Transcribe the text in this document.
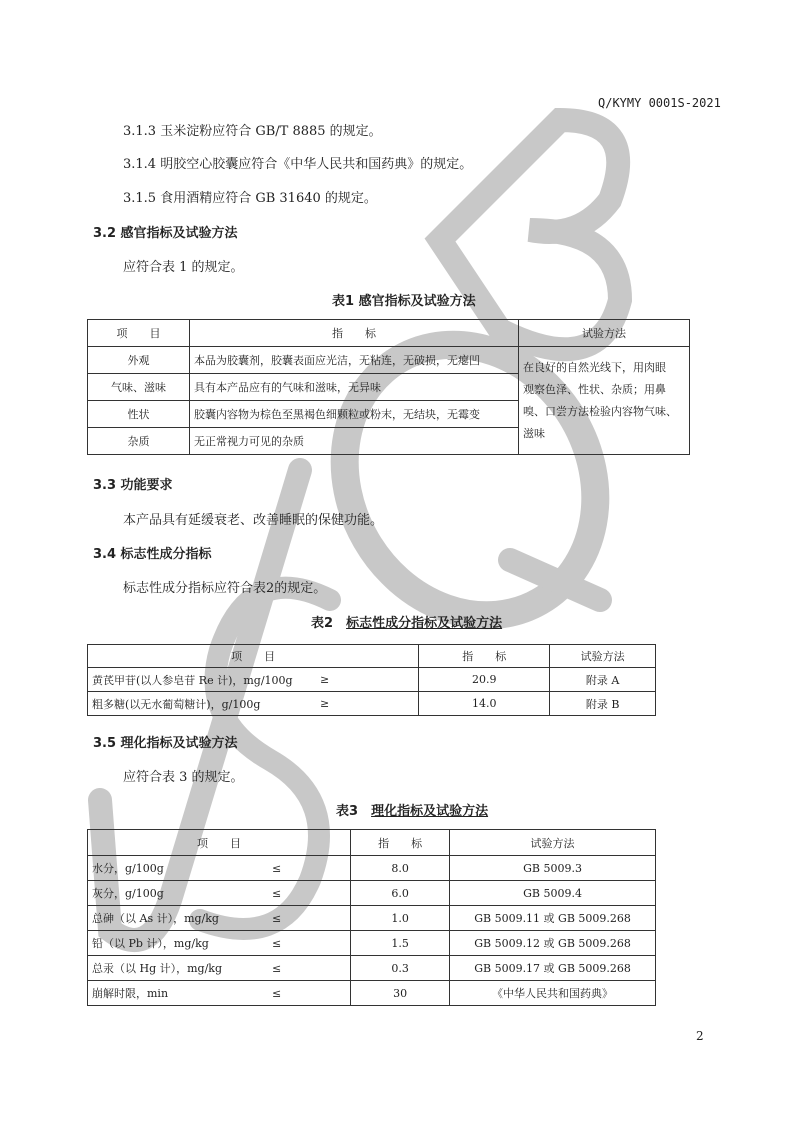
Q/KYMY 0001S-2021
3.1.3 玉米淀粉应符合 GB/T 8885 的规定。
3.1.4 明胶空心胶囊应符合《中华人民共和国药典》的规定。
3.1.5 食用酒精应符合 GB 31640 的规定。
3.2 感官指标及试验方法
应符合表 1 的规定。
表1 感官指标及试验方法
项　　目	指　　标	试验方法
外观	本品为胶囊剂，胶囊表面应光洁，无粘连，无破损，无瘪凹	在良好的自然光线下，用肉眼
观察色泽、性状、杂质；用鼻
嗅、口尝方法检验内容物气味、
滋味

气味、滋味	具有本产品应有的气味和滋味，无异味	
性状	胶囊内容物为棕色至黑褐色细颗粒或粉末，无结块，无霉变	
杂质	无正常视力可见的杂质	
3.3 功能要求
本产品具有延缓衰老、改善睡眠的保健功能。
3.4 标志性成分指标
标志性成分指标应符合表2的规定。
表2　 标志性成分指标及试验方法
项　　目		指　　标	试验方法
黄芪甲苷(以人参皂苷 Re 计)，mg/100g	≥	20.9	附录 A
粗多糖(以无水葡萄糖计)，g/100g	≥	14.0	附录 B
3.5 理化指标及试验方法
应符合表 3 的规定。
表3　 理化指标及试验方法
项　　目		指　　标	试验方法
水分，g/100g	≤	8.0	GB 5009.3
灰分，g/100g	≤	6.0	GB 5009.4
总砷（以 As 计），mg/kg	≤	1.0	GB 5009.11 或 GB 5009.268
铅（以 Pb 计），mg/kg	≤	1.5	GB 5009.12 或 GB 5009.268
总汞（以 Hg 计），mg/kg	≤	0.3	GB 5009.17 或 GB 5009.268
崩解时限，min	≤	30	《中华人民共和国药典》
2
